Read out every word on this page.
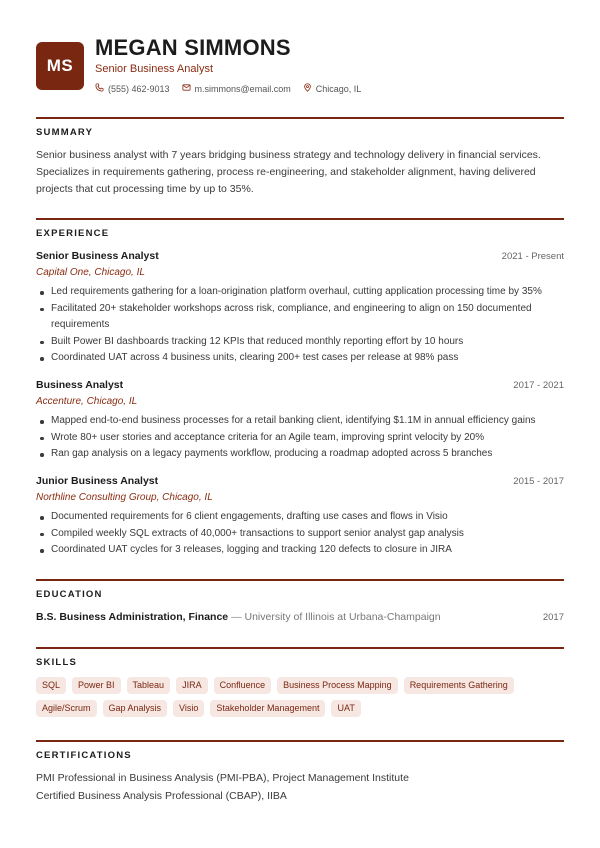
MS
MEGAN SIMMONS
Senior Business Analyst
(555) 462-9013	m.simmons@email.com	Chicago, IL
SUMMARY
Senior business analyst with 7 years bridging business strategy and technology delivery in financial services. Specializes in requirements gathering, process re-engineering, and stakeholder alignment, having delivered projects that cut processing time by up to 35%.
EXPERIENCE
Senior Business Analyst	2021 - Present
Capital One, Chicago, IL
Led requirements gathering for a loan-origination platform overhaul, cutting application processing time by 35%
Facilitated 20+ stakeholder workshops across risk, compliance, and engineering to align on 150 documented requirements
Built Power BI dashboards tracking 12 KPIs that reduced monthly reporting effort by 10 hours
Coordinated UAT across 4 business units, clearing 200+ test cases per release at 98% pass
Business Analyst	2017 - 2021
Accenture, Chicago, IL
Mapped end-to-end business processes for a retail banking client, identifying $1.1M in annual efficiency gains
Wrote 80+ user stories and acceptance criteria for an Agile team, improving sprint velocity by 20%
Ran gap analysis on a legacy payments workflow, producing a roadmap adopted across 5 branches
Junior Business Analyst	2015 - 2017
Northline Consulting Group, Chicago, IL
Documented requirements for 6 client engagements, drafting use cases and flows in Visio
Compiled weekly SQL extracts of 40,000+ transactions to support senior analyst gap analysis
Coordinated UAT cycles for 3 releases, logging and tracking 120 defects to closure in JIRA
EDUCATION
B.S. Business Administration, Finance — University of Illinois at Urbana-Champaign	2017
SKILLS
SQL	Power BI	Tableau	JIRA	Confluence	Business Process Mapping	Requirements Gathering
Agile/Scrum	Gap Analysis	Visio	Stakeholder Management	UAT
CERTIFICATIONS
PMI Professional in Business Analysis (PMI-PBA), Project Management Institute
Certified Business Analysis Professional (CBAP), IIBA
